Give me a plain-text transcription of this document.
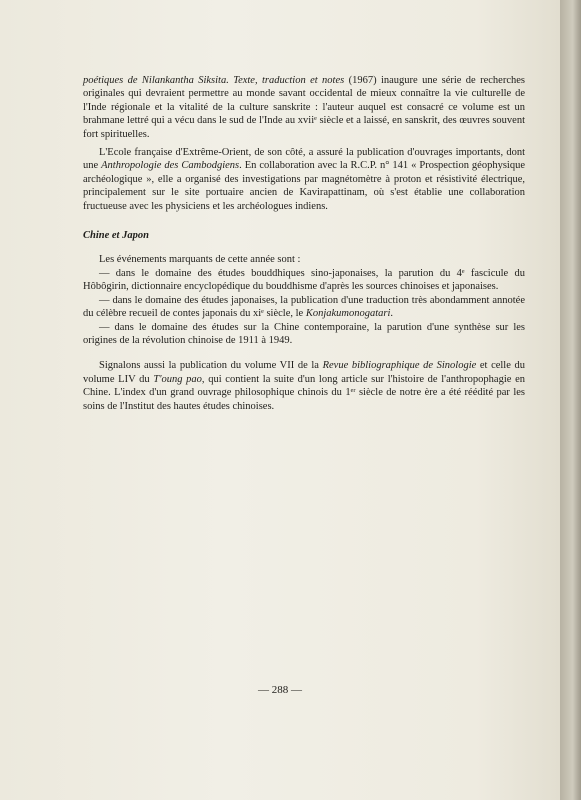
poétiques de Nilankantha Siksita. Texte, traduction et notes (1967) inaugure une série de recherches originales qui devraient permettre au monde savant occidental de mieux connaître la vie culturelle de l'Inde régionale et la vitalité de la culture sanskrite : l'auteur auquel est consacré ce volume est un brahmane lettré qui a vécu dans le sud de l'Inde au xviiᵉ siècle et a laissé, en sanskrit, des œuvres souvent fort spirituelles.

L'Ecole française d'Extrême-Orient, de son côté, a assuré la publication d'ouvrages importants, dont une Anthropologie des Cambodgiens. En collaboration avec la R.C.P. n° 141 « Prospection géophysique archéologique », elle a organisé des investigations par magnétomètre à proton et résistivité électrique, principalement sur le site portuaire ancien de Kavirapattinam, où s'est établie une collaboration fructueuse avec les physiciens et les archéologues indiens.

Chine et Japon

Les événements marquants de cette année sont :

— dans le domaine des études bouddhiques sino-japonaises, la parution du 4ᵉ fascicule du Hôbôgirin, dictionnaire encyclopédique du bouddhisme d'après les sources chinoises et japonaises.

— dans le domaine des études japonaises, la publication d'une traduction très abondamment annotée du célèbre recueil de contes japonais du xiᵉ siècle, le Konjakumonogatari.

— dans le domaine des études sur la Chine contemporaine, la parution d'une synthèse sur les origines de la révolution chinoise de 1911 à 1949.

Signalons aussi la publication du volume VII de la Revue bibliographique de Sinologie et celle du volume LIV du T'oung pao, qui contient la suite d'un long article sur l'histoire de l'anthropophagie en Chine. L'index d'un grand ouvrage philosophique chinois du 1ᵉʳ siècle de notre ère a été réédité par les soins de l'Institut des hautes études chinoises.

— 288 —
